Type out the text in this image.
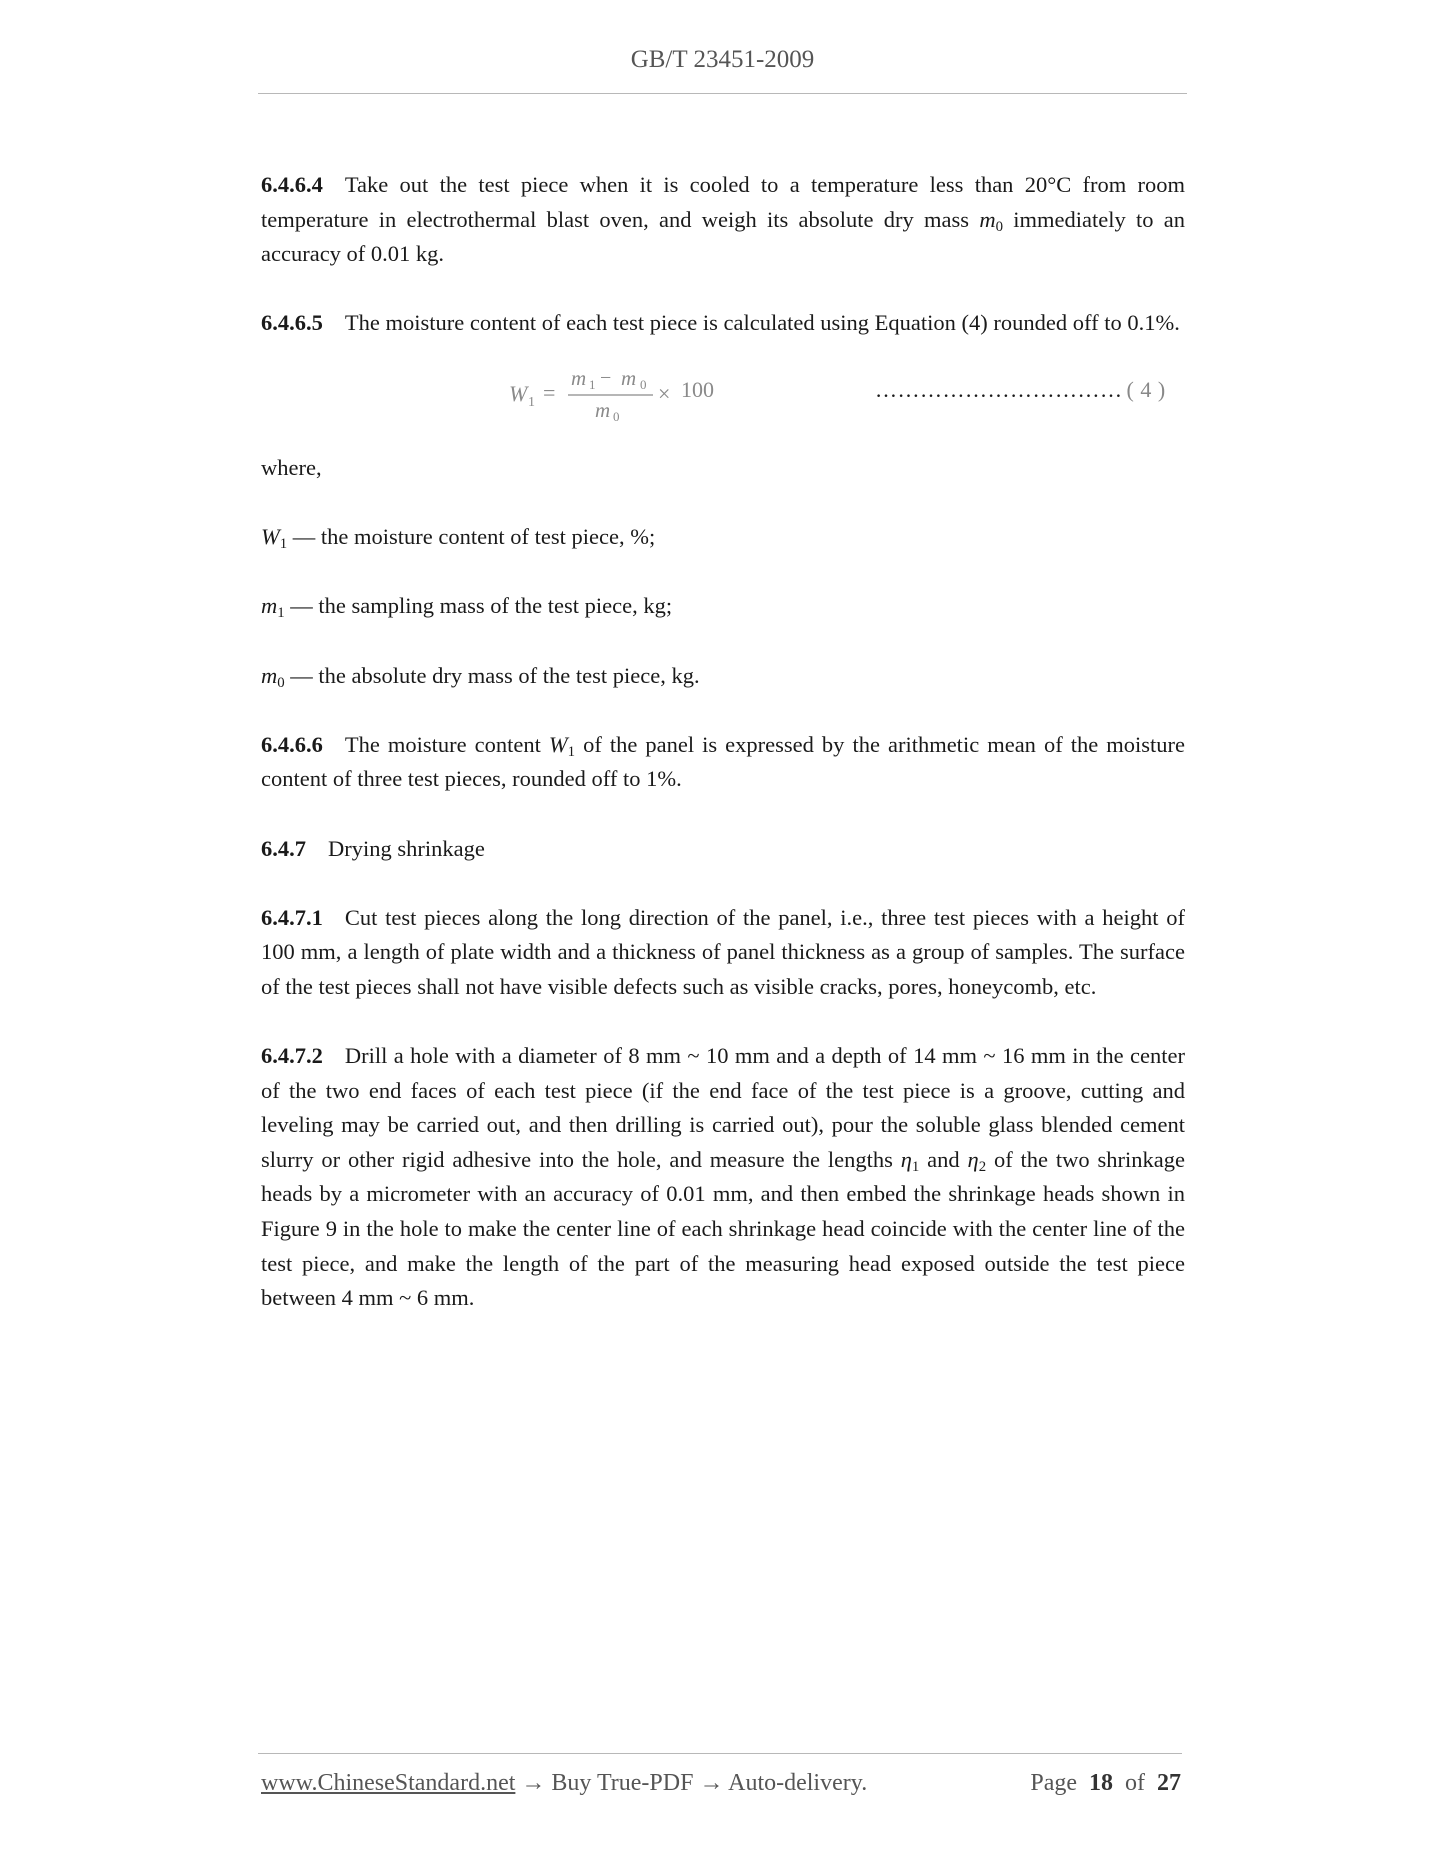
GB/T 23451-2009

6.4.6.4 Take out the test piece when it is cooled to a temperature less than 20°C from room temperature in electrothermal blast oven, and weigh its absolute dry mass $m_0$ immediately to an accuracy of 0.01 kg.

6.4.6.5 The moisture content of each test piece is calculated using Equation (4) rounded off to 0.1%.

W 1 =
m 1 − m 0
m 0
× 100	…………………………… ( 4 )

where,

$W_1$ — the moisture content of test piece, %;

$m_1$ — the sampling mass of the test piece, kg;

$m_0$ — the absolute dry mass of the test piece, kg.

6.4.6.6 The moisture content $W_1$ of the panel is expressed by the arithmetic mean of the moisture content of three test pieces, rounded off to 1%.

6.4.7 Drying shrinkage

6.4.7.1 Cut test pieces along the long direction of the panel, i.e., three test pieces with a height of 100 mm, a length of plate width and a thickness of panel thickness as a group of samples. The surface of the test pieces shall not have visible defects such as visible cracks, pores, honeycomb, etc.

6.4.7.2 Drill a hole with a diameter of 8 mm ~ 10 mm and a depth of 14 mm ~ 16 mm in the center of the two end faces of each test piece (if the end face of the test piece is a groove, cutting and leveling may be carried out, and then drilling is carried out), pour the soluble glass blended cement slurry or other rigid adhesive into the hole, and measure the lengths $\eta_1$ and $\eta_2$ of the two shrinkage heads by a micrometer with an accuracy of 0.01 mm, and then embed the shrinkage heads shown in Figure 9 in the hole to make the center line of each shrinkage head coincide with the center line of the test piece, and make the length of the part of the measuring head exposed outside the test piece between 4 mm ~ 6 mm.

www.ChineseStandard.net → Buy True-PDF → Auto-delivery.	Page 18 of 27
